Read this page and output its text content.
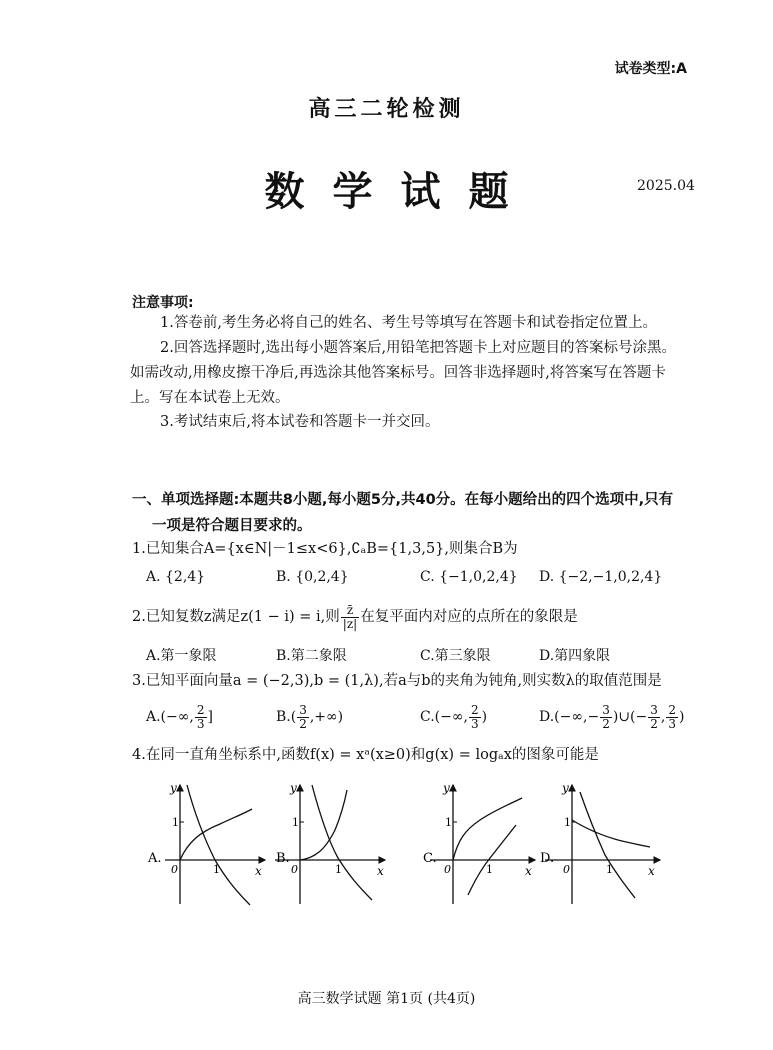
试卷类型:A
高三二轮检测
数学试题	2025.04
注意事项:
1.答卷前,考生务必将自己的姓名、考生号等填写在答题卡和试卷指定位置上。
2.回答选择题时,选出每小题答案后,用铅笔把答题卡上对应题目的答案标号涂黑。
如需改动,用橡皮擦干净后,再选涂其他答案标号。回答非选择题时,将答案写在答题卡
上。写在本试卷上无效。
3.考试结束后,将本试卷和答题卡一并交回。
一、单项选择题:本题共8小题,每小题5分,共40分。在每小题给出的四个选项中,只有
一项是符合题目要求的。
1.已知集合A={x∈N|－1≤x<6},∁ₐB={1,3,5},则集合B为
A. {2,4}	B. {0,2,4}	C. {−1,0,2,4} D. {−2,−1,0,2,4}
2.已知复数z满足z(1 − i) = i,则 $\frac{z̄}{|z|}$ 在复平面内对应的点所在的象限是
A.第一象限	B.第二象限	C.第三象限	D.第四象限
3.已知平面向量a = (−2,3),b = (1,λ),若a与b的夹角为钝角,则实数λ的取值范围是
A.(−∞, $\frac{2}{3}$ ]	$B.( \frac{3}{2}$ ,+∞)	C.(−∞, $\frac{2}{3}$ )	$D.(-\infty,- \frac{3}{2}$ )∪(− $\frac{3}{2}$ , $\frac{2}{3}$ )
4.在同一直角坐标系中,函数f(x) = xᵃ(x≥0)和g(x) = logₐx的图象可能是
A.
y
x
1
1
0
B.
y
x
1
1
0
C.
y
x
1
1
0
D.
y
x
1
1
0
高三数学试题 第1页 (共4页)
